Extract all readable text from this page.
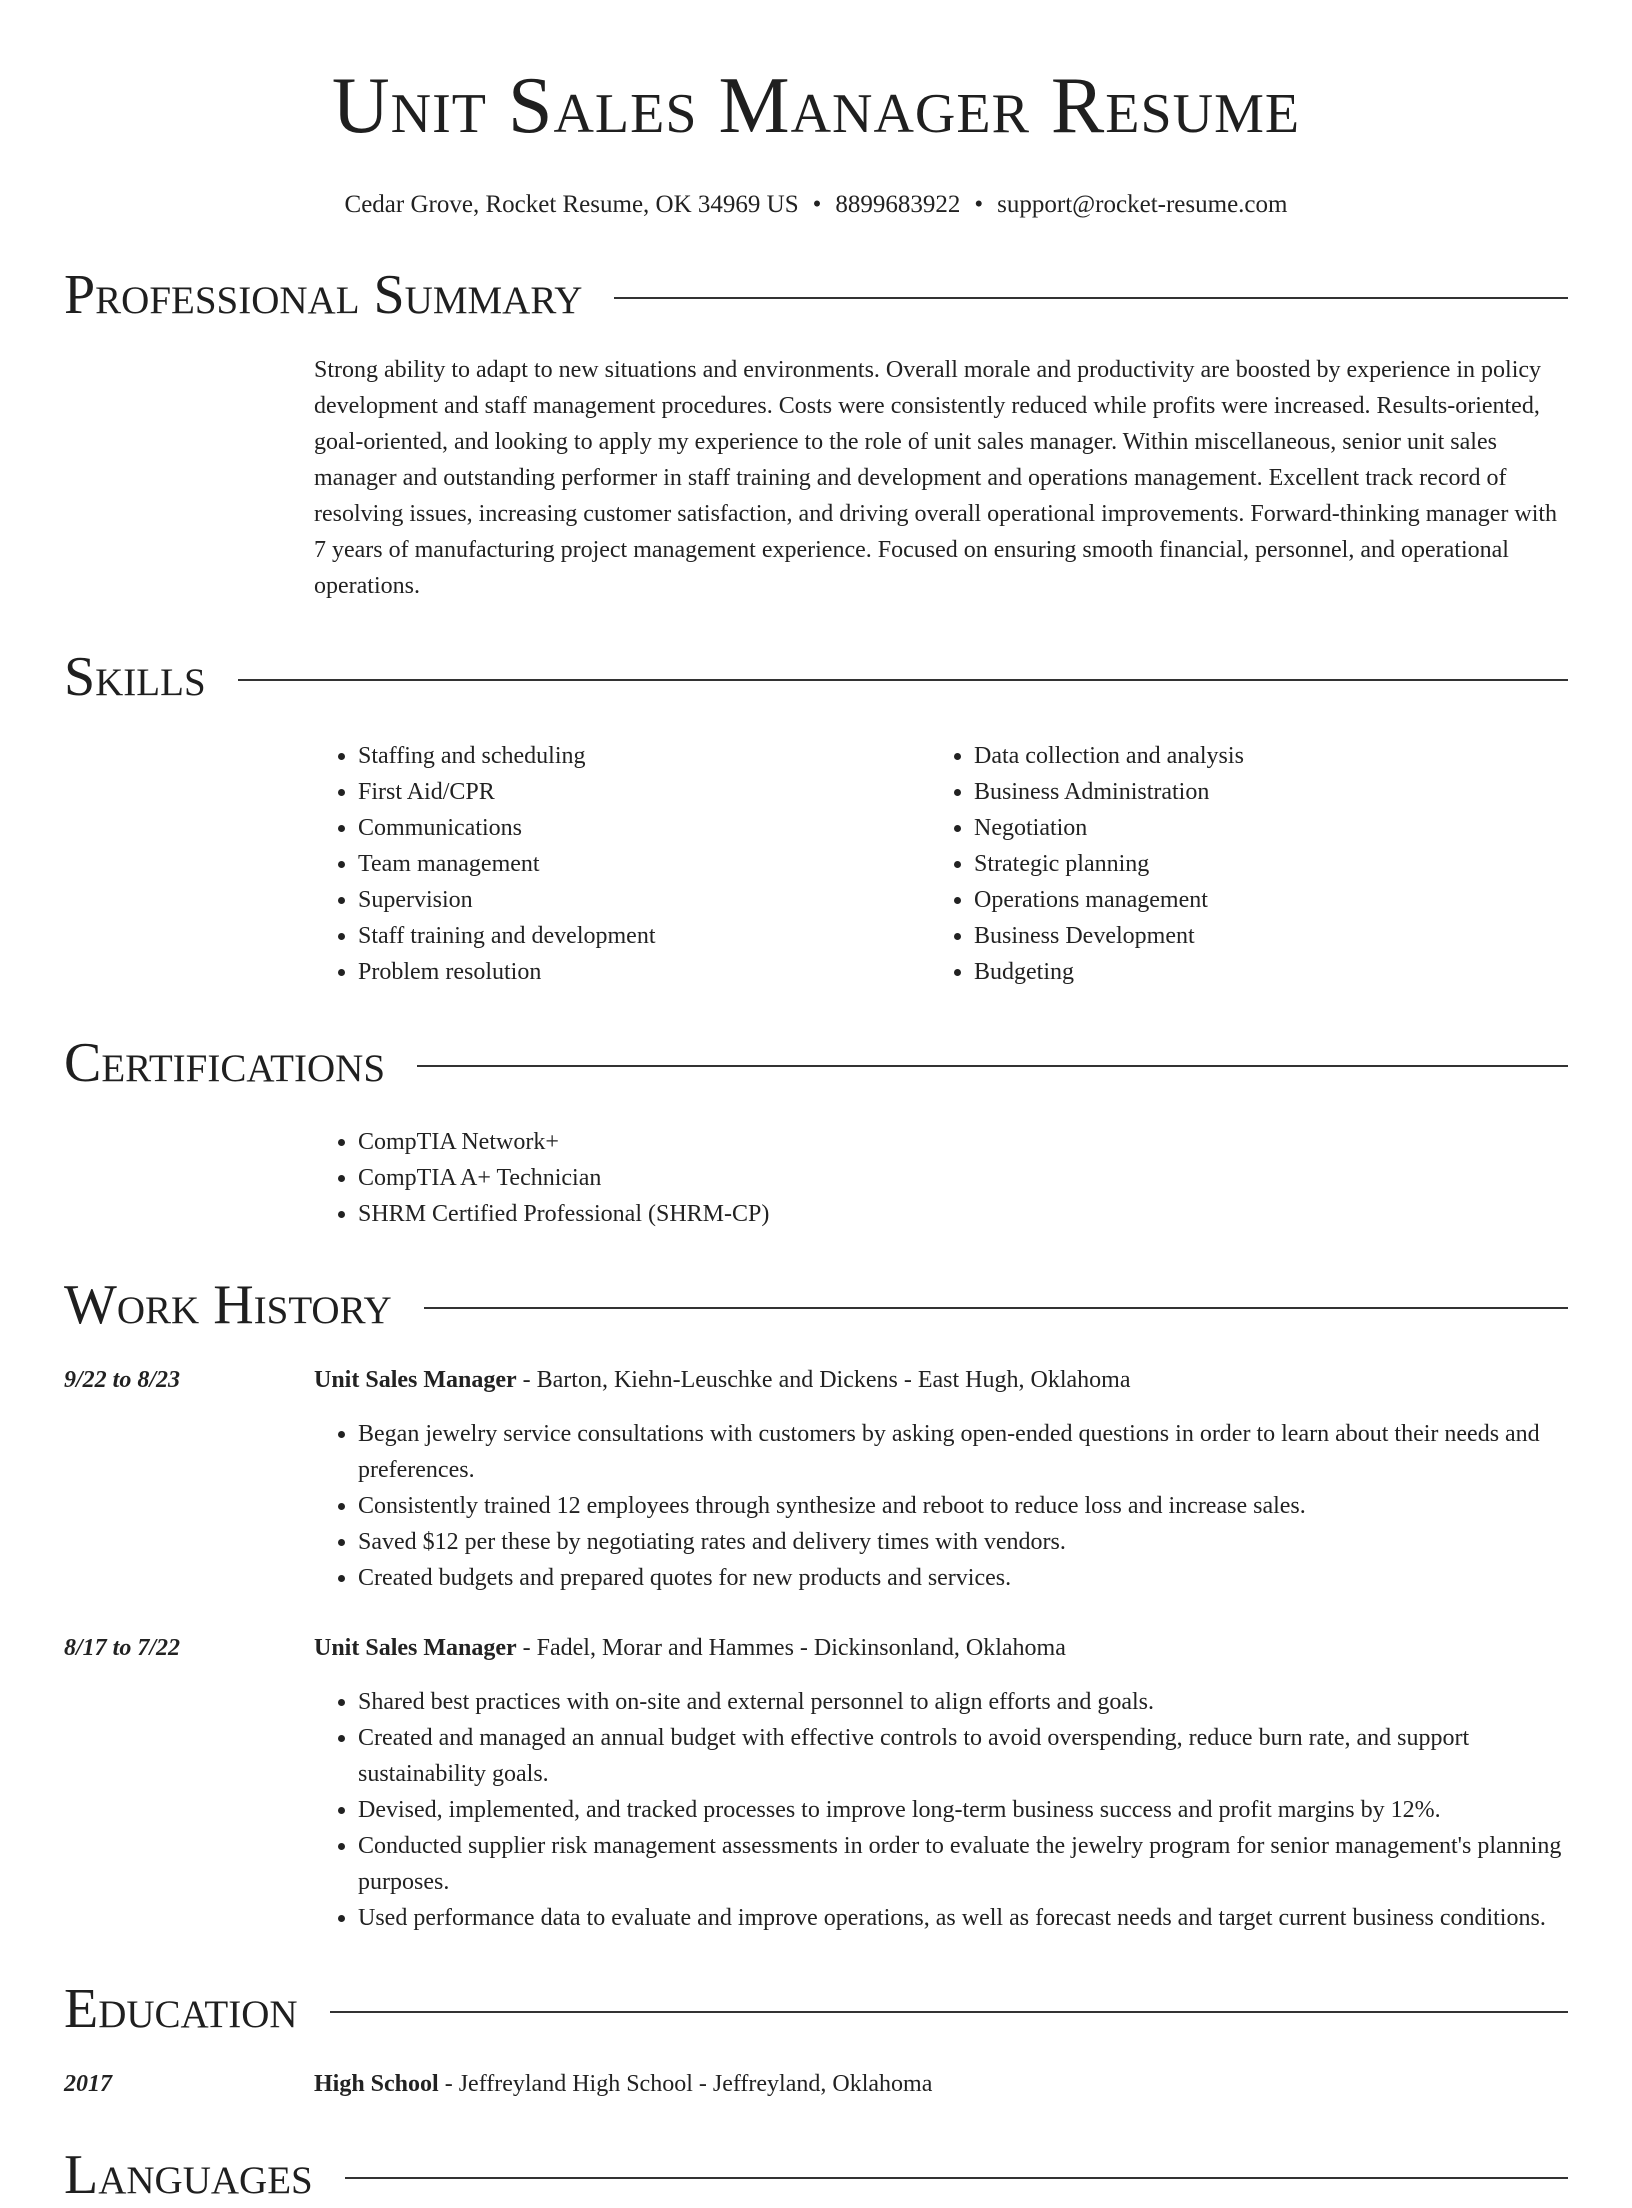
Unit Sales Manager Resume
Cedar Grove, Rocket Resume, OK 34969 US • 8899683922 • support@rocket-resume.com
Professional Summary
Strong ability to adapt to new situations and environments. Overall morale and productivity are boosted by experience in policy development and staff management procedures. Costs were consistently reduced while profits were increased. Results-oriented, goal-oriented, and looking to apply my experience to the role of unit sales manager. Within miscellaneous, senior unit sales manager and outstanding performer in staff training and development and operations management. Excellent track record of resolving issues, increasing customer satisfaction, and driving overall operational improvements. Forward-thinking manager with 7 years of manufacturing project management experience. Focused on ensuring smooth financial, personnel, and operational operations.
Skills
• Staffing and scheduling
• First Aid/CPR
• Communications
• Team management
• Supervision
• Staff training and development
• Problem resolution
• Data collection and analysis
• Business Administration
• Negotiation
• Strategic planning
• Operations management
• Business Development
• Budgeting
Certifications
• CompTIA Network+
• CompTIA A+ Technician
• SHRM Certified Professional (SHRM-CP)
Work History
9/22 to 8/23	Unit Sales Manager - Barton, Kiehn-Leuschke and Dickens - East Hugh, Oklahoma
• Began jewelry service consultations with customers by asking open-ended questions in order to learn about their needs and preferences.
• Consistently trained 12 employees through synthesize and reboot to reduce loss and increase sales.
• Saved $12 per these by negotiating rates and delivery times with vendors.
• Created budgets and prepared quotes for new products and services.
8/17 to 7/22	Unit Sales Manager - Fadel, Morar and Hammes - Dickinsonland, Oklahoma
• Shared best practices with on-site and external personnel to align efforts and goals.
• Created and managed an annual budget with effective controls to avoid overspending, reduce burn rate, and support sustainability goals.
• Devised, implemented, and tracked processes to improve long-term business success and profit margins by 12%.
• Conducted supplier risk management assessments in order to evaluate the jewelry program for senior management's planning purposes.
• Used performance data to evaluate and improve operations, as well as forecast needs and target current business conditions.
Education
2017	High School - Jeffreyland High School - Jeffreyland, Oklahoma
Languages
